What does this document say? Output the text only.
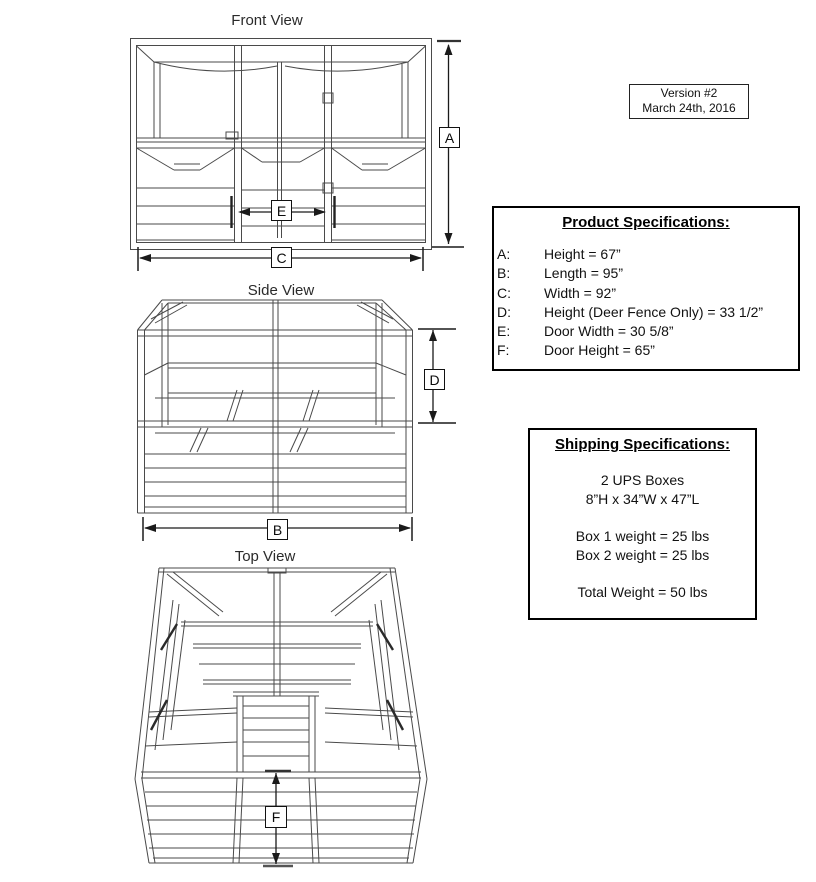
Front View
Side View
Top View
A
E
C
D
B
F
Version #2
March 24th, 2016
Product Specifications:
A:	Height = 67”
B:	Length = 95”
C:	Width = 92”
D:	Height (Deer Fence Only) = 33 1/2”
E:	Door Width = 30 5/8”
F:	Door Height = 65”
Shipping Specifications:
2 UPS Boxes
8”H x 34”W x 47”L
Box 1 weight = 25 lbs
Box 2 weight = 25 lbs
Total Weight = 50 lbs
